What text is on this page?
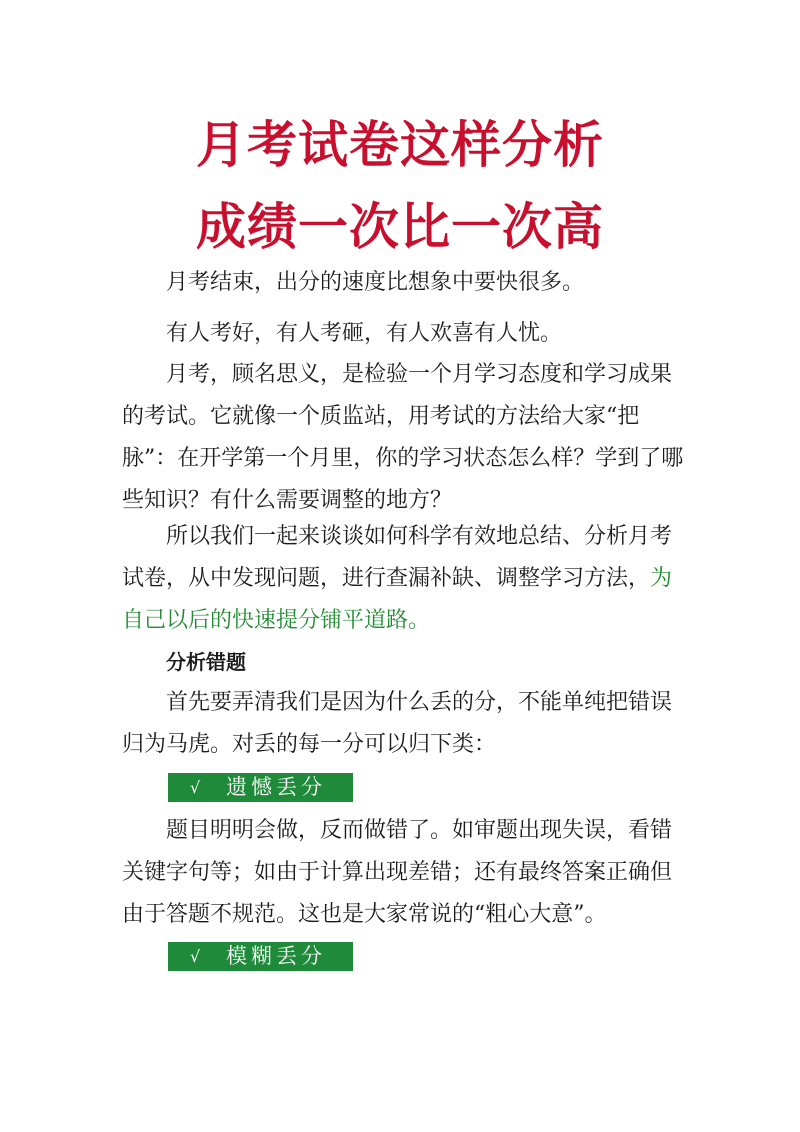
月考试卷这样分析
成绩一次比一次高

月考结束，出分的速度比想象中要快很多。

有人考好，有人考砸，有人欢喜有人忧。

月考，顾名思义，是检验一个月学习态度和学习成果的考试。它就像一个质监站，用考试的方法给大家“把脉”：在开学第一个月里，你的学习状态怎么样？学到了哪些知识？有什么需要调整的地方？

所以我们一起来谈谈如何科学有效地总结、分析月考试卷，从中发现问题，进行查漏补缺、调整学习方法，为自己以后的快速提分铺平道路。

分析错题

首先要弄清我们是因为什么丢的分，不能单纯把错误归为马虎。对丢的每一分可以归下类：

√	遗憾丢分

题目明明会做，反而做错了。如审题出现失误，看错关键字句等；如由于计算出现差错；还有最终答案正确但由于答题不规范。这也是大家常说的“粗心大意”。

√	模糊丢分
